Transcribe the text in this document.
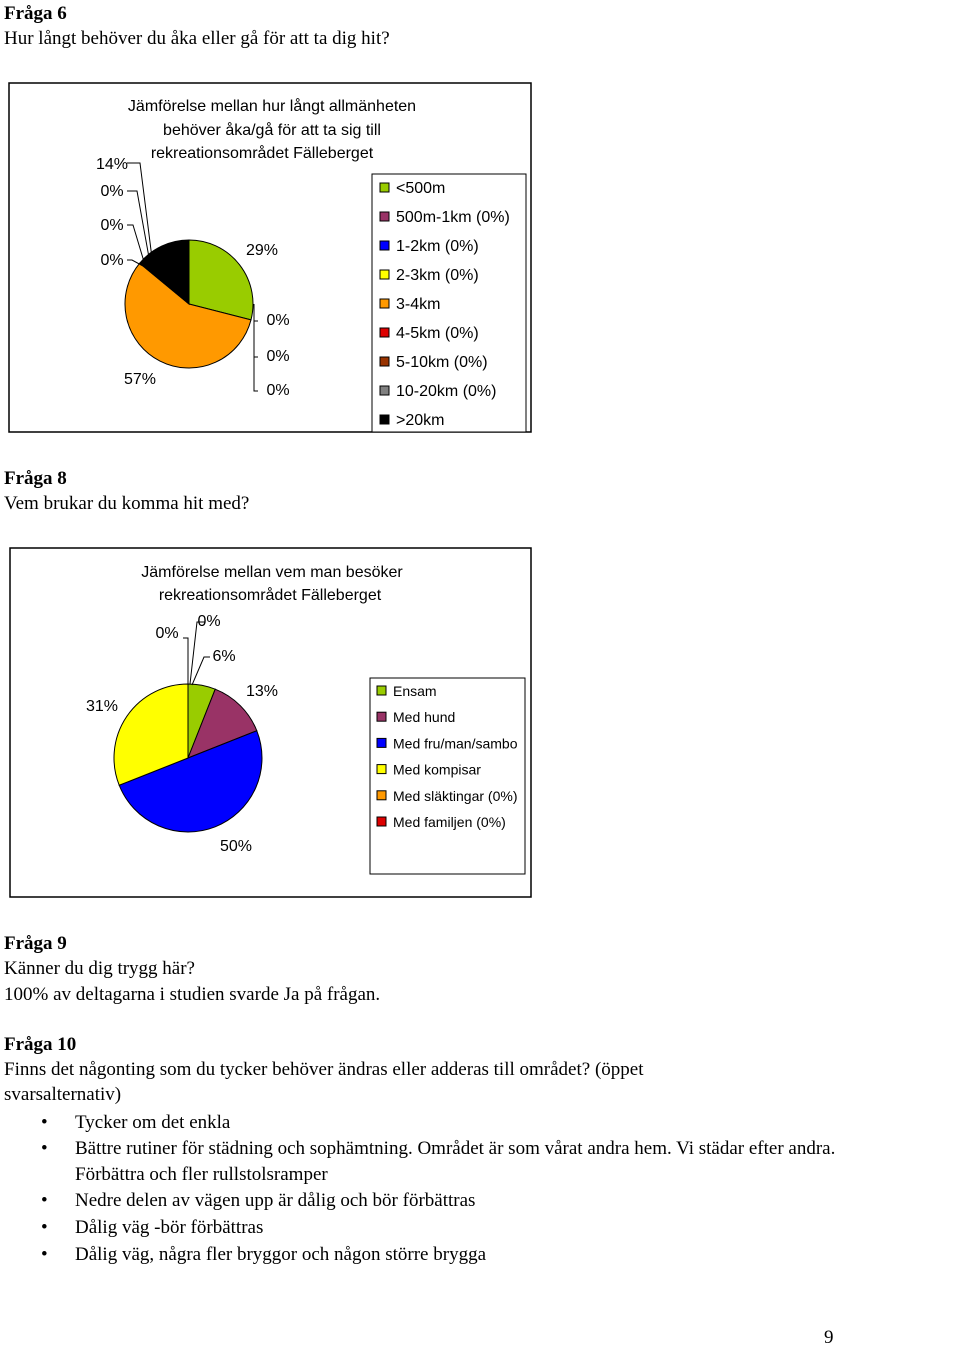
Fråga 6
Hur långt behöver du åka eller gå för att ta dig hit?
Jämförelse mellan hur långt allmänheten
behöver åka/gå för att ta sig till
rekreationsområdet Fälleberget
29%
0%
0%
0%
57%
0%
0%
0%
14%
<500m
500m-1km (0%)
1-2km (0%)
2-3km (0%)
3-4km
4-5km (0%)
5-10km (0%)
10-20km (0%)
>20km
Fråga 8
Vem brukar du komma hit med?
Jämförelse mellan vem man besöker
rekreationsområdet Fälleberget
6%
13%
50%
31%
0%
0%
Ensam
Med hund
Med fru/man/sambo
Med kompisar
Med släktingar (0%)
Med familjen (0%)
Fråga 9
Känner du dig trygg här?
100% av deltagarna i studien svarde Ja på frågan.
Fråga 10
Finns det någonting som du tycker behöver ändras eller adderas till området? (öppet
svarsalternativ)
• Tycker om det enkla
• Bättre rutiner för städning och sophämtning. Området är som vårat andra hem. Vi städar efter andra.
Förbättra och fler rullstolsramper
• Nedre delen av vägen upp är dålig och bör förbättras
• Dålig väg -bör förbättras
• Dålig väg, några fler bryggor och någon större brygga
9
